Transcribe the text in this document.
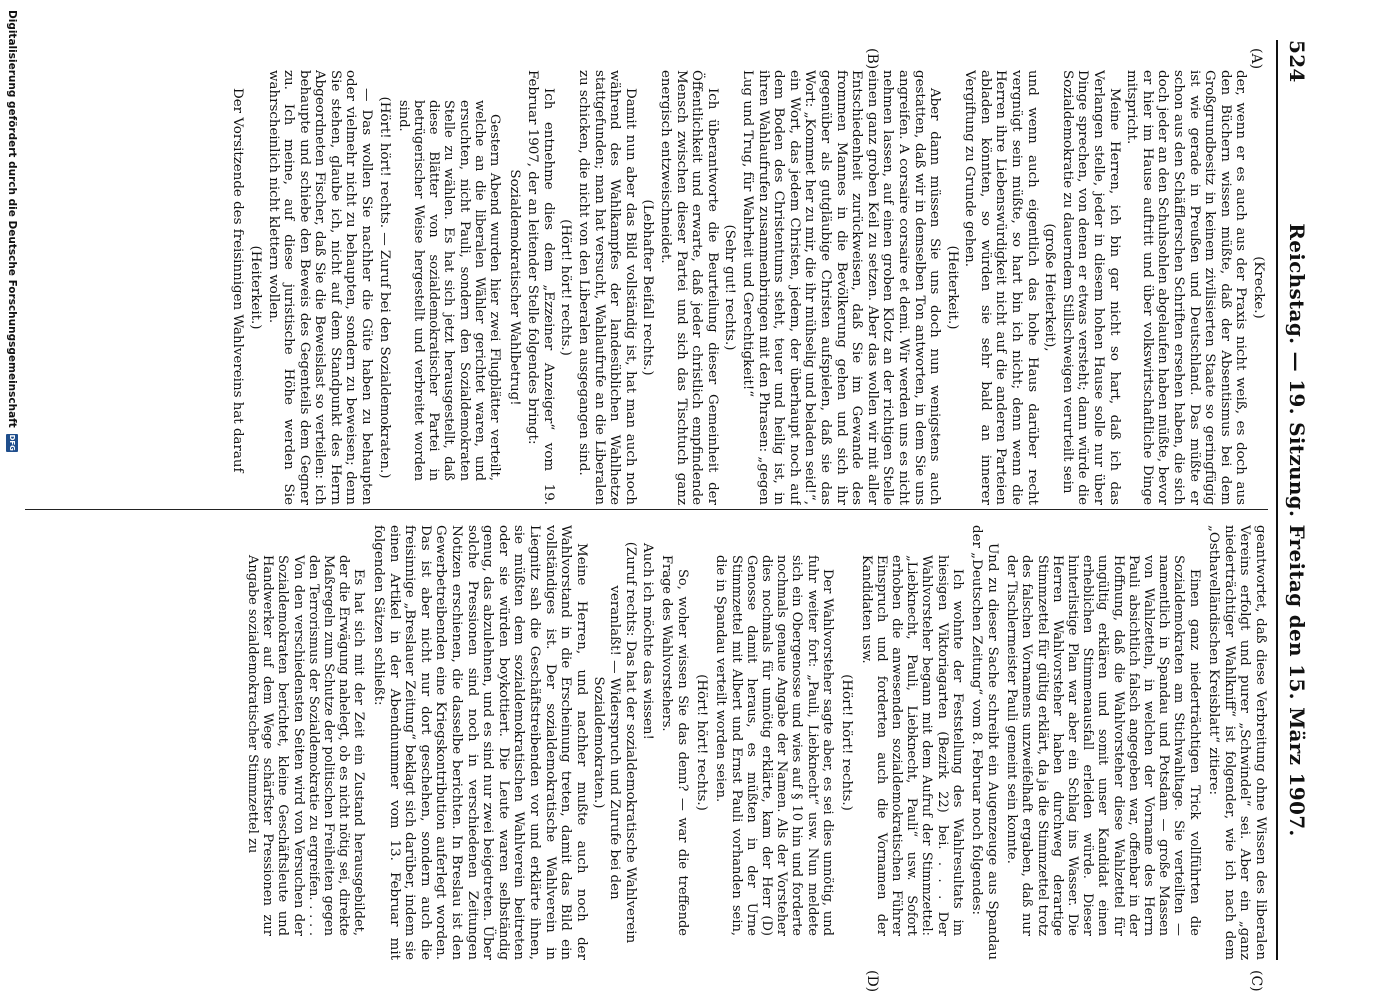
524
Reichstag. — 19. Sitzung. Freitag den 15. März 1907.
(A)
(B)
(C)
(D)

(Krecke.)

der, wenn er es auch aus der Praxis nicht weiß, es doch aus den Büchern wissen müßte, daß der Absentismus bei dem Großgrundbesitz in keinem zivilisierten Staate so geringfügig ist wie gerade in Preußen und Deutschland. Das müßte er schon aus den Schäfflerschen Schriften ersehen haben, die sich doch jeder an den Schuhsohlen abgelaufen haben müßte, bevor er hier im Hause auftritt und über volkswirtschaftliche Dinge mitspricht.

Meine Herren, ich bin gar nicht so hart, daß ich das Verlangen stelle, jeder in diesem hohen Hause solle nur über Dinge sprechen, von denen er etwas versteht; dann würde die Sozialdemokratie zu dauerndem Stillschweigen verurteilt sein

(große Heiterkeit),

und wenn auch eigentlich das hohe Haus darüber recht vergnügt sein müßte, so hart bin ich nicht; denn wenn die Herren ihre Liebenswürdigkeit nicht auf die anderen Parteien abladen könnten, so würden sie sehr bald an innerer Vergiftung zu Grunde gehen.

(Heiterkeit.)

Aber dann müssen Sie uns doch nun wenigstens auch gestatten, daß wir in demselben Ton antworten, in dem Sie uns angreifen. A corsaire corsaire et demi. Wir werden uns es nicht nehmen lassen, auf einen groben Klotz an der richtigen Stelle einen ganz groben Keil zu setzen. Aber das wollen wir mit aller Entschiedenheit zurückweisen, daß Sie im Gewande des frommen Mannes in die Bevölkerung gehen und sich ihr gegenüber als gutgläubige Christen aufspielen, daß sie das Wort: „Kommet her zu mir, die ihr mühselig und beladen seid!“, ein Wort, das jedem Christen, jedem, der überhaupt noch auf dem Boden des Christentums steht, teuer und heilig ist, in ihren Wahlaufrufen zusammenbringen mit den Phrasen: „gegen Lug und Trug, für Wahrheit und Gerechtigkeit!“

(Sehr gut! rechts.)

Ich überantworte die Beurteilung dieser Gemeinheit der Öffentlichkeit und erwarte, daß jeder christlich empfindende Mensch zwischen dieser Partei und sich das Tischtuch ganz energisch entzweischneidet.

(Lebhafter Beifall rechts.)

Damit nun aber das Bild vollständig ist, hat man auch noch während des Wahlkampfes der landesüblichen Wahlhetze stattgefunden; man hat versucht, Wahlaufrufe an die Liberalen zu schicken, die nicht von den Liberalen ausgegangen sind.

(Hört! hört! rechts.)

Ich entnehme dies dem „Ezzeiner Anzeiger“ vom 19. Februar 1907, der an leitender Stelle folgendes bringt:

Sozialdemokratischer Wahlbetrug!

Gestern Abend wurden hier zwei Flugblätter verteilt, welche an die liberalen Wähler gerichtet waren, und ersuchten, nicht Pauli, sondern den Sozialdemokraten Stelle zu wählen. Es hat sich jetzt herausgestellt, daß diese Blätter von sozialdemokratischer Partei in betrügerischer Weise hergestellt und verbreitet worden sind.

(Hört! hört! rechts. — Zuruf bei den Sozialdemokraten.)

— Das wollen Sie nachher die Güte haben zu behaupten oder vielmehr nicht zu behaupten, sondern zu beweisen; denn Sie stehen, glaube ich, nicht auf dem Standpunkt des Herrn Abgeordneten Fischer, daß Sie die Beweislast so verteilen: ich behaupte und schiebe den Beweis des Gegenteils dem Gegner zu. Ich meine, auf diese juristische Höhe werden Sie wahrscheinlich nicht klettern wollen.

(Heiterkeit.)

Der Vorsitzende des freisinnigen Wahlvereins hat darauf

geantwortet, daß diese Verbreitung ohne Wissen des liberalen Vereins erfolgt und purer „Schwindel“ sei. Aber ein „ganz niederträchtiger Wahlkniff“ ist folgender, wie ich nach dem „Osthavelländischen Kreisblatt“ zitiere:

Einen ganz niederträchtigen Trick vollführten die Sozialdemokraten am Stichwahltage. Sie verteilten — namentlich in Spandau und Potsdam — große Massen von Wahlzetteln, in welchen der Vorname des Herrn Pauli absichtlich falsch angegeben war, offenbar in der Hoffnung, daß die Wahlvorsteher diese Wahlzettel für ungültig erklären und somit unser Kandidat einen erheblichen Stimmenausfall erleiden würde. Dieser hinterlistige Plan war aber ein Schlag ins Wasser. Die Herren Wahlvorsteher haben durchweg derartige Stimmzettel für gültig erklärt, da ja die Stimmzettel trotz des falschen Vornamens unzweifelhaft ergaben, daß nur der Tischlermeister Pauli gemeint sein konnte.

Und zu dieser Sache schreibt ein Augenzeuge aus Spandau der „Deutschen Zeitung“ vom 8. Februar noch folgendes:

Ich wohnte der Feststellung des Wahlresultats im hiesigen Viktoriagarten (Bezirk 22) bei. . . . Der Wahlvorsteher begann mit dem Aufruf der Stimmzettel: „Liebknecht, Pauli, Liebknecht, Pauli“ usw. Sofort erhoben die anwesenden sozialdemokratischen Führer Einspruch und forderten auch die Vornamen der Kandidaten usw.

(Hört! hört! rechts.)

Der Wahlvorsteher sagte aber, es sei dies unnötig, und fuhr weiter fort: „Pauli, Liebknecht“ usw. Nun meldete sich ein Obergenosse und wies auf § 10 hin und forderte nochmals genaue Angabe der Namen. Als der Vorsteher dies nochmals für unnötig erklärte, kam der Herr (D) Genosse damit heraus, es müßten in der Urne Stimmzettel mit Albert und Ernst Pauli vorhanden sein, die in Spandau verteilt worden seien.

(Hört! hört! rechts.)

So, woher wissen Sie das denn? — war die treffende Frage des Wahlvorstehers.

Auch ich möchte das wissen!

(Zuruf rechts: Das hat der sozialdemokratische Wahlverein veranlaßt! — Widerspruch und Zurufe bei den Sozialdemokraten.)

Meine Herren, und nachher mußte auch noch der Wahlvorstand in die Erscheinung treten, damit das Bild ein vollständiges ist. Der sozialdemokratische Wahlverein in Liegnitz sah die Geschäftstreibenden vor und erklärte ihnen, sie müßten dem sozialdemokratischen Wahlverein beitreten oder sie würden boykottiert. Die Leute waren selbständig genug, das abzulehnen, und es sind nur zwei beigetreten. Über solche Pressionen sind noch in verschiedenen Zeitungen Notizen erschienen, die dasselbe berichten. In Breslau ist den Gewerbetreibenden eine Kriegskontribution auferlegt worden. Das ist aber nicht nur dort geschehen, sondern auch die freisinnige „Breslauer Zeitung“ beklagt sich darüber, indem sie einen Artikel in der Abendnummer vom 13. Februar mit folgenden Sätzen schließt:

Es hat sich mit der Zeit ein Zustand herausgebildet, der die Erwägung nahelegt, ob es nicht nötig sei, direkte Maßregeln zum Schutze der politischen Freiheiten gegen den Terrorismus der Sozialdemokratie zu ergreifen. . . . . Von den verschiedensten Seiten wird von Versuchen der Sozialdemokraten berichtet, kleine Geschäftsleute und Handwerker auf dem Wege schärfster Pressionen zur Angabe sozialdemokratischer Stimmzettel zu
Digitalisierung gefördert durch die Deutsche Forschungsgemeinschaft
DFG
